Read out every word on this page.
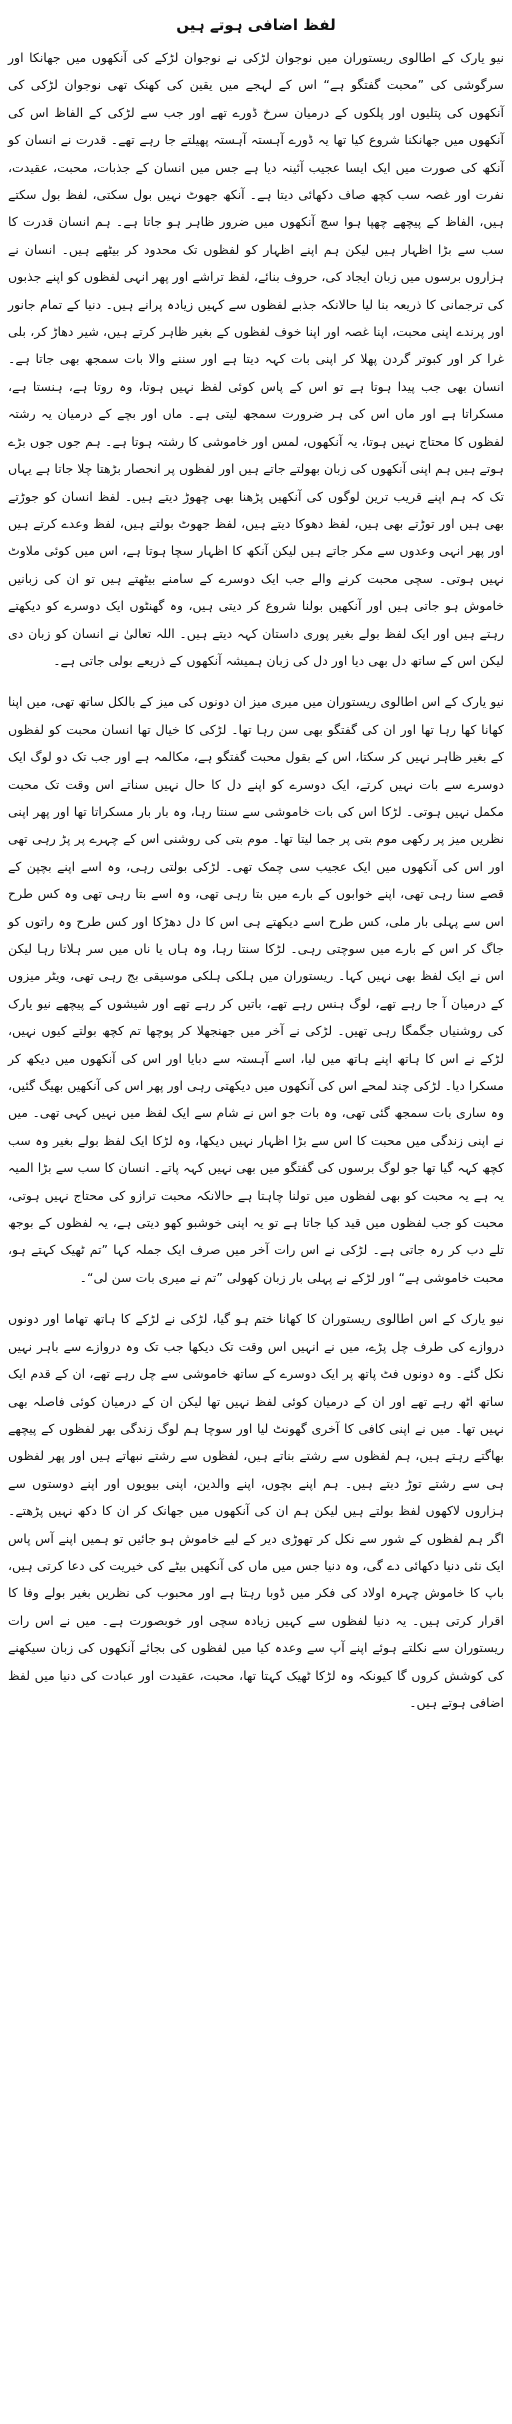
لفظ اضافی ہوتے ہیں

نیو یارک کے اطالوی ریستوران میں نوجوان لڑکی نے نوجوان لڑکے کی آنکھوں میں جھانکا اور سرگوشی کی ”محبت گفتگو ہے“ اس کے لہجے میں یقین کی کھنک تھی نوجوان لڑکی کی آنکھوں کی پتلیوں اور پلکوں کے درمیان سرخ ڈورے تھے اور جب سے لڑکی کے الفاظ اس کی آنکھوں میں جھانکنا شروع کیا تھا یہ ڈورے آہستہ آہستہ پھیلتے جا رہے تھے۔ قدرت نے انسان کو آنکھ کی صورت میں ایک ایسا عجیب آئینہ دیا ہے جس میں انسان کے جذبات، محبت، عقیدت، نفرت اور غصہ سب کچھ صاف دکھائی دیتا ہے۔ آنکھ جھوٹ نہیں بول سکتی، لفظ بول سکتے ہیں، الفاظ کے پیچھے چھپا ہوا سچ آنکھوں میں ضرور ظاہر ہو جاتا ہے۔ ہم انسان قدرت کا سب سے بڑا اظہار ہیں لیکن ہم اپنے اظہار کو لفظوں تک محدود کر بیٹھے ہیں۔ انسان نے ہزاروں برسوں میں زبان ایجاد کی، حروف بنائے، لفظ تراشے اور پھر انہی لفظوں کو اپنے جذبوں کی ترجمانی کا ذریعہ بنا لیا حالانکہ جذبے لفظوں سے کہیں زیادہ پرانے ہیں۔ دنیا کے تمام جانور اور پرندے اپنی محبت، اپنا غصہ اور اپنا خوف لفظوں کے بغیر ظاہر کرتے ہیں، شیر دھاڑ کر، بلی غرا کر اور کبوتر گردن پھلا کر اپنی بات کہہ دیتا ہے اور سننے والا بات سمجھ بھی جاتا ہے۔ انسان بھی جب پیدا ہوتا ہے تو اس کے پاس کوئی لفظ نہیں ہوتا، وہ روتا ہے، ہنستا ہے، مسکراتا ہے اور ماں اس کی ہر ضرورت سمجھ لیتی ہے۔ ماں اور بچے کے درمیان یہ رشتہ لفظوں کا محتاج نہیں ہوتا، یہ آنکھوں، لمس اور خاموشی کا رشتہ ہوتا ہے۔ ہم جوں جوں بڑے ہوتے ہیں ہم اپنی آنکھوں کی زبان بھولتے جاتے ہیں اور لفظوں پر انحصار بڑھتا چلا جاتا ہے یہاں تک کہ ہم اپنے قریب ترین لوگوں کی آنکھیں پڑھنا بھی چھوڑ دیتے ہیں۔ لفظ انسان کو جوڑتے بھی ہیں اور توڑتے بھی ہیں، لفظ دھوکا دیتے ہیں، لفظ جھوٹ بولتے ہیں، لفظ وعدے کرتے ہیں اور پھر انہی وعدوں سے مکر جاتے ہیں لیکن آنکھ کا اظہار سچا ہوتا ہے، اس میں کوئی ملاوٹ نہیں ہوتی۔ سچی محبت کرنے والے جب ایک دوسرے کے سامنے بیٹھتے ہیں تو ان کی زبانیں خاموش ہو جاتی ہیں اور آنکھیں بولنا شروع کر دیتی ہیں، وہ گھنٹوں ایک دوسرے کو دیکھتے رہتے ہیں اور ایک لفظ بولے بغیر پوری داستان کہہ دیتے ہیں۔ اللہ تعالیٰ نے انسان کو زبان دی لیکن اس کے ساتھ دل بھی دیا اور دل کی زبان ہمیشہ آنکھوں کے ذریعے بولی جاتی ہے۔

نیو یارک کے اس اطالوی ریستوران میں میری میز ان دونوں کی میز کے بالکل ساتھ تھی، میں اپنا کھانا کھا رہا تھا اور ان کی گفتگو بھی سن رہا تھا۔ لڑکی کا خیال تھا انسان محبت کو لفظوں کے بغیر ظاہر نہیں کر سکتا، اس کے بقول محبت گفتگو ہے، مکالمہ ہے اور جب تک دو لوگ ایک دوسرے سے بات نہیں کرتے، ایک دوسرے کو اپنے دل کا حال نہیں سناتے اس وقت تک محبت مکمل نہیں ہوتی۔ لڑکا اس کی بات خاموشی سے سنتا رہا، وہ بار بار مسکراتا تھا اور پھر اپنی نظریں میز پر رکھی موم بتی پر جما لیتا تھا۔ موم بتی کی روشنی اس کے چہرے پر پڑ رہی تھی اور اس کی آنکھوں میں ایک عجیب سی چمک تھی۔ لڑکی بولتی رہی، وہ اسے اپنے بچپن کے قصے سنا رہی تھی، اپنے خوابوں کے بارے میں بتا رہی تھی، وہ اسے بتا رہی تھی وہ کس طرح اس سے پہلی بار ملی، کس طرح اسے دیکھتے ہی اس کا دل دھڑکا اور کس طرح وہ راتوں کو جاگ کر اس کے بارے میں سوچتی رہی۔ لڑکا سنتا رہا، وہ ہاں یا ناں میں سر ہلاتا رہا لیکن اس نے ایک لفظ بھی نہیں کہا۔ ریستوران میں ہلکی ہلکی موسیقی بج رہی تھی، ویٹر میزوں کے درمیان آ جا رہے تھے، لوگ ہنس رہے تھے، باتیں کر رہے تھے اور شیشوں کے پیچھے نیو یارک کی روشنیاں جگمگا رہی تھیں۔ لڑکی نے آخر میں جھنجھلا کر پوچھا تم کچھ بولتے کیوں نہیں، لڑکے نے اس کا ہاتھ اپنے ہاتھ میں لیا، اسے آہستہ سے دبایا اور اس کی آنکھوں میں دیکھ کر مسکرا دیا۔ لڑکی چند لمحے اس کی آنکھوں میں دیکھتی رہی اور پھر اس کی آنکھیں بھیگ گئیں، وہ ساری بات سمجھ گئی تھی، وہ بات جو اس نے شام سے ایک لفظ میں نہیں کہی تھی۔ میں نے اپنی زندگی میں محبت کا اس سے بڑا اظہار نہیں دیکھا، وہ لڑکا ایک لفظ بولے بغیر وہ سب کچھ کہہ گیا تھا جو لوگ برسوں کی گفتگو میں بھی نہیں کہہ پاتے۔ انسان کا سب سے بڑا المیہ یہ ہے یہ محبت کو بھی لفظوں میں تولنا چاہتا ہے حالانکہ محبت ترازو کی محتاج نہیں ہوتی، محبت کو جب لفظوں میں قید کیا جاتا ہے تو یہ اپنی خوشبو کھو دیتی ہے، یہ لفظوں کے بوجھ تلے دب کر رہ جاتی ہے۔ لڑکی نے اس رات آخر میں صرف ایک جملہ کہا ”تم ٹھیک کہتے ہو، محبت خاموشی ہے“ اور لڑکے نے پہلی بار زبان کھولی ”تم نے میری بات سن لی“۔

نیو یارک کے اس اطالوی ریستوران کا کھانا ختم ہو گیا، لڑکی نے لڑکے کا ہاتھ تھاما اور دونوں دروازے کی طرف چل پڑے، میں نے انہیں اس وقت تک دیکھا جب تک وہ دروازے سے باہر نہیں نکل گئے۔ وہ دونوں فٹ پاتھ پر ایک دوسرے کے ساتھ خاموشی سے چل رہے تھے، ان کے قدم ایک ساتھ اٹھ رہے تھے اور ان کے درمیان کوئی لفظ نہیں تھا لیکن ان کے درمیان کوئی فاصلہ بھی نہیں تھا۔ میں نے اپنی کافی کا آخری گھونٹ لیا اور سوچا ہم لوگ زندگی بھر لفظوں کے پیچھے بھاگتے رہتے ہیں، ہم لفظوں سے رشتے بناتے ہیں، لفظوں سے رشتے نبھاتے ہیں اور پھر لفظوں ہی سے رشتے توڑ دیتے ہیں۔ ہم اپنے بچوں، اپنے والدین، اپنی بیویوں اور اپنے دوستوں سے ہزاروں لاکھوں لفظ بولتے ہیں لیکن ہم ان کی آنکھوں میں جھانک کر ان کا دکھ نہیں پڑھتے۔ اگر ہم لفظوں کے شور سے نکل کر تھوڑی دیر کے لیے خاموش ہو جائیں تو ہمیں اپنے آس پاس ایک نئی دنیا دکھائی دے گی، وہ دنیا جس میں ماں کی آنکھیں بیٹے کی خیریت کی دعا کرتی ہیں، باپ کا خاموش چہرہ اولاد کی فکر میں ڈوبا رہتا ہے اور محبوب کی نظریں بغیر بولے وفا کا اقرار کرتی ہیں۔ یہ دنیا لفظوں سے کہیں زیادہ سچی اور خوبصورت ہے۔ میں نے اس رات ریستوران سے نکلتے ہوئے اپنے آپ سے وعدہ کیا میں لفظوں کی بجائے آنکھوں کی زبان سیکھنے کی کوشش کروں گا کیونکہ وہ لڑکا ٹھیک کہتا تھا، محبت، عقیدت اور عبادت کی دنیا میں لفظ اضافی ہوتے ہیں۔
